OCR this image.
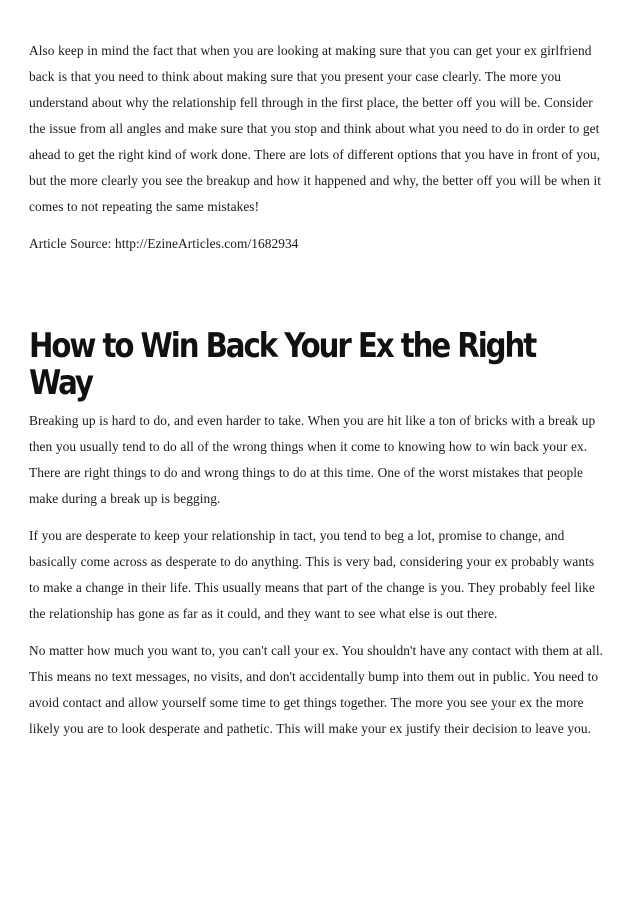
Also keep in mind the fact that when you are looking at making sure that you can get your ex girlfriend back is that you need to think about making sure that you present your case clearly. The more you understand about why the relationship fell through in the first place, the better off you will be. Consider the issue from all angles and make sure that you stop and think about what you need to do in order to get ahead to get the right kind of work done. There are lots of different options that you have in front of you, but the more clearly you see the breakup and how it happened and why, the better off you will be when it comes to not repeating the same mistakes!

Article Source: http://EzineArticles.com/1682934

How to Win Back Your Ex the Right Way

Breaking up is hard to do, and even harder to take. When you are hit like a ton of bricks with a break up then you usually tend to do all of the wrong things when it come to knowing how to win back your ex. There are right things to do and wrong things to do at this time. One of the worst mistakes that people make during a break up is begging.

If you are desperate to keep your relationship in tact, you tend to beg a lot, promise to change, and basically come across as desperate to do anything. This is very bad, considering your ex probably wants to make a change in their life. This usually means that part of the change is you. They probably feel like the relationship has gone as far as it could, and they want to see what else is out there.

No matter how much you want to, you can't call your ex. You shouldn't have any contact with them at all. This means no text messages, no visits, and don't accidentally bump into them out in public. You need to avoid contact and allow yourself some time to get things together. The more you see your ex the more likely you are to look desperate and pathetic. This will make your ex justify their decision to leave you.
